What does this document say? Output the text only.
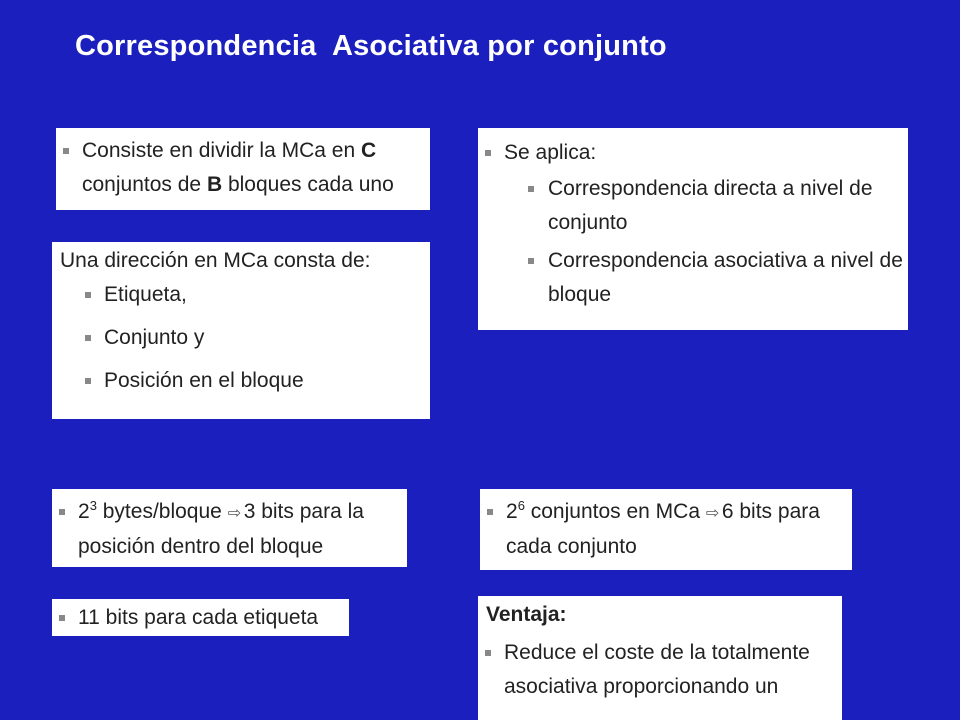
Correspondencia  Asociativa por conjunto
Consiste en dividir la MCa en C
conjuntos de B bloques cada uno
Se aplica:
Correspondencia directa a nivel de conjunto
Correspondencia asociativa a nivel de bloque
Una dirección en MCa consta de:
Etiqueta,
Conjunto y
Posición en el bloque
$2^3$ bytes/bloque ⇨ 3 bits para la posición dentro del bloque
$2^6$ conjuntos en MCa ⇨ 6 bits para cada conjunto
11 bits para cada etiqueta	Ventaja:
Reduce el coste de la totalmente asociativa proporcionando un
